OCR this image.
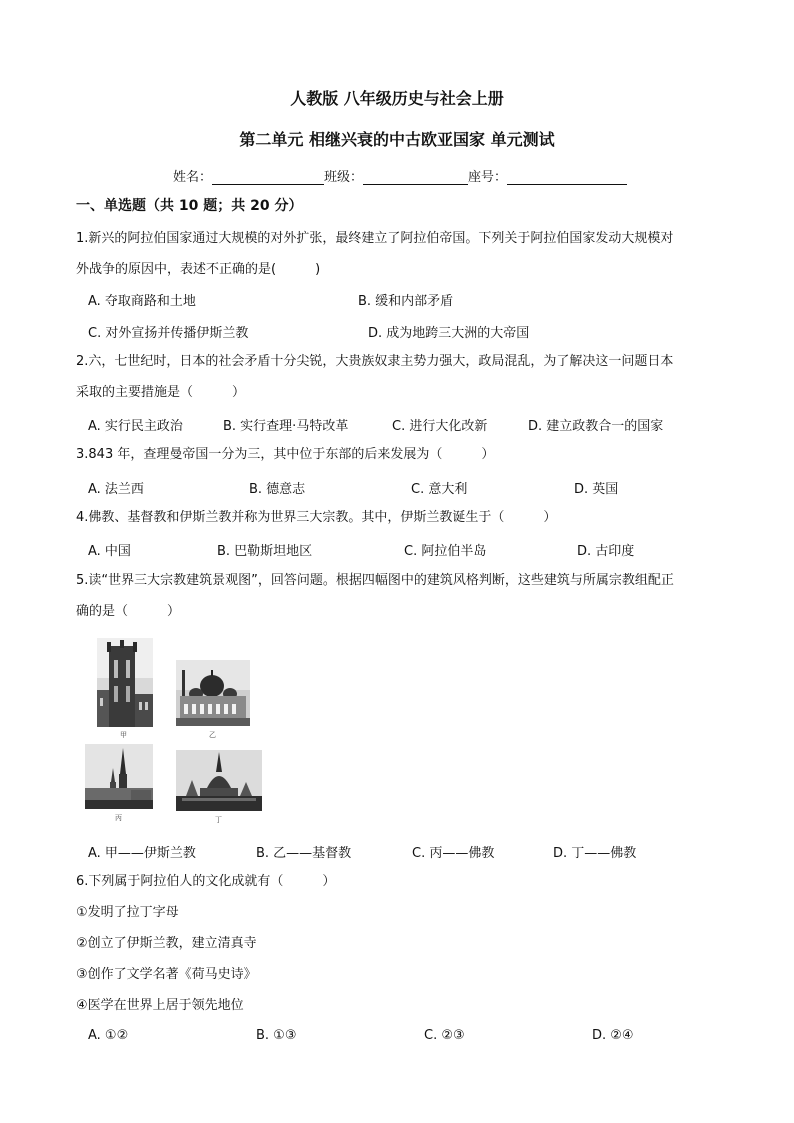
人教版 八年级历史与社会上册
第二单元 相继兴衰的中古欧亚国家 单元测试
姓名：	班级：	座号：
一、单选题（共 10 题；共 20 分）
1.新兴的阿拉伯国家通过大规模的对外扩张，最终建立了阿拉伯帝国。下列关于阿拉伯国家发动大规模对
外战争的原因中，表述不正确的是(　　　)
A. 夺取商路和土地	B. 缓和内部矛盾
C. 对外宣扬并传播伊斯兰教	D. 成为地跨三大洲的大帝国
2.六，七世纪时，日本的社会矛盾十分尖锐，大贵族奴隶主势力强大，政局混乱，为了解决这一问题日本
采取的主要措施是（　　　）
A. 实行民主政治	B. 实行查理·马特改革	C. 进行大化改新	D. 建立政教合一的国家
3.843 年，查理曼帝国一分为三，其中位于东部的后来发展为（　　　）
A. 法兰西	B. 德意志	C. 意大利	D. 英国
4.佛教、基督教和伊斯兰教并称为世界三大宗教。其中，伊斯兰教诞生于（　　　）
A. 中国	B. 巴勒斯坦地区	C. 阿拉伯半岛	D. 古印度
5.读“世界三大宗教建筑景观图”，回答问题。根据四幅图中的建筑风格判断，这些建筑与所属宗教组配正
确的是（　　　）
甲	乙
丙	丁
A. 甲——伊斯兰教	B. 乙——基督教	C. 丙——佛教	D. 丁——佛教
6.下列属于阿拉伯人的文化成就有（　　　）
①发明了拉丁字母
②创立了伊斯兰教，建立清真寺
③创作了文学名著《荷马史诗》
④医学在世界上居于领先地位
A. ①②	B. ①③	C. ②③	D. ②④
